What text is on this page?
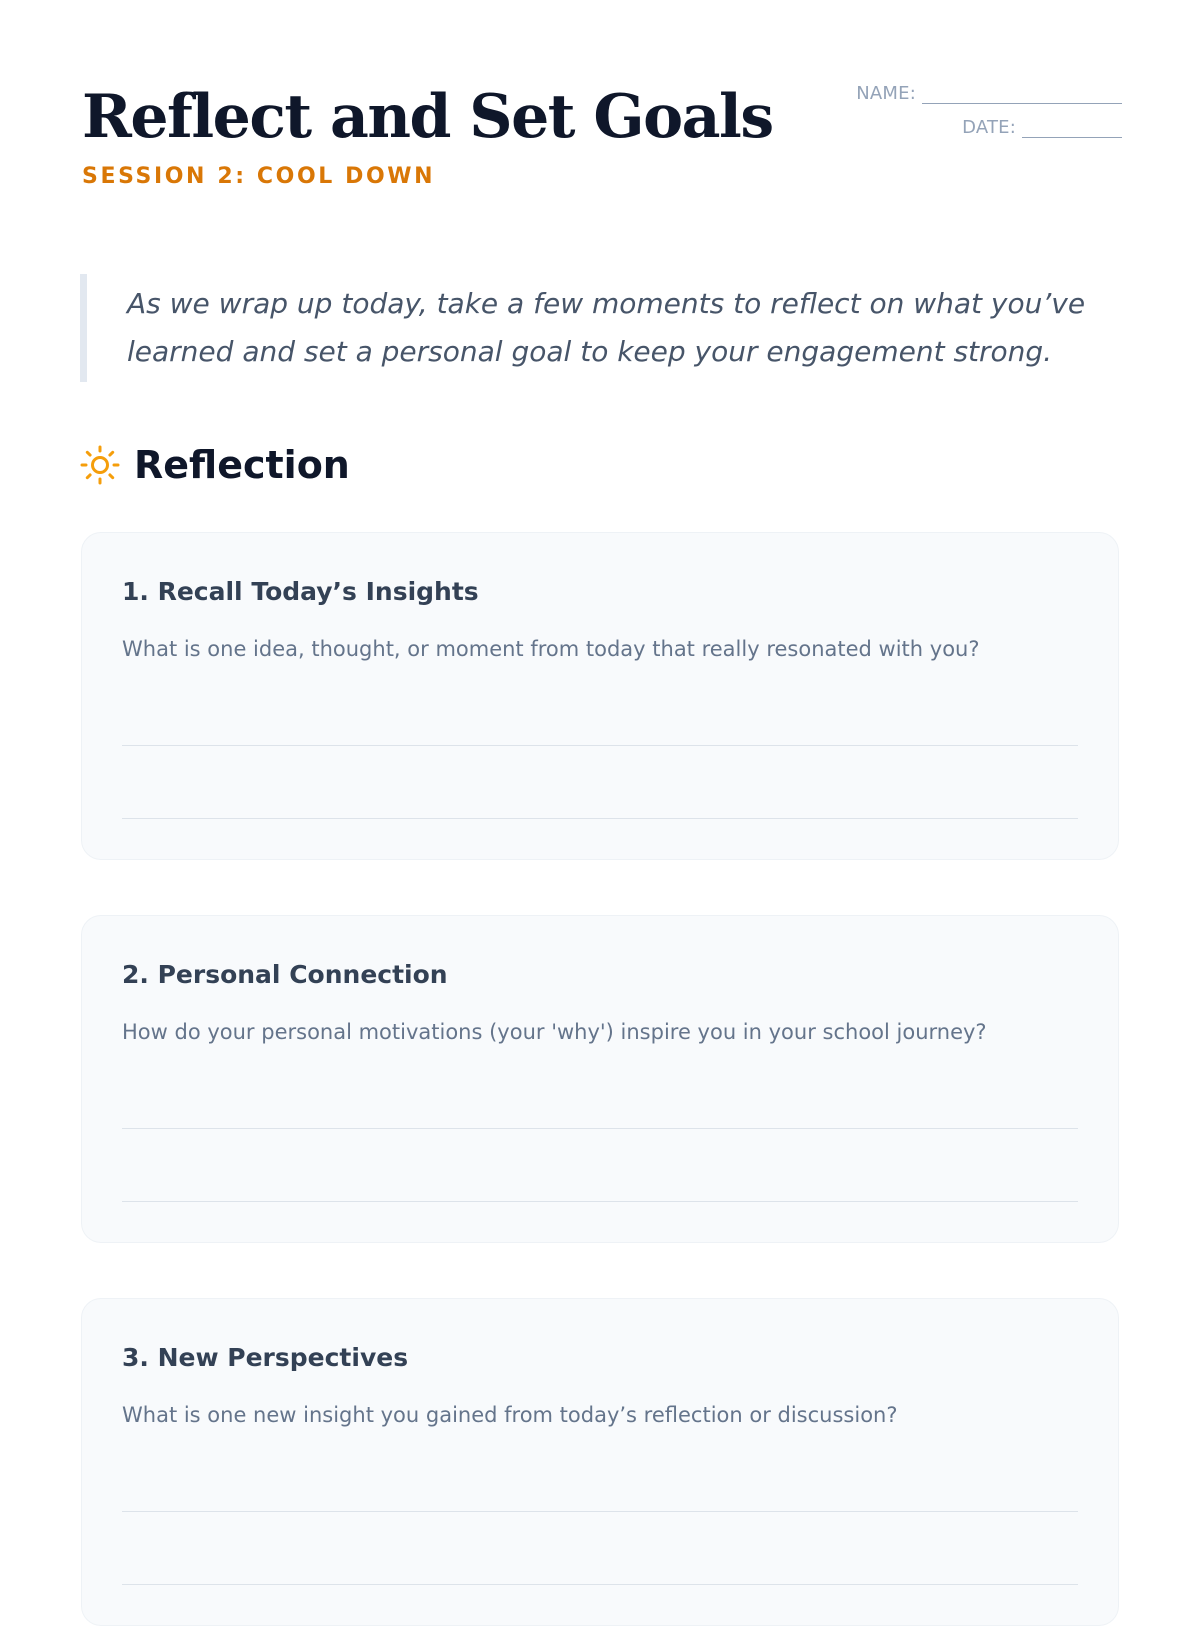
Reflect and Set Goals
SESSION 2: COOL DOWN
NAME:
DATE:
As we wrap up today, take a few moments to reflect on what you’ve learned and set a personal goal to keep your engagement strong.
Reflection
1. Recall Today’s Insights
What is one idea, thought, or moment from today that really resonated with you?
2. Personal Connection
How do your personal motivations (your 'why') inspire you in your school journey?
3. New Perspectives
What is one new insight you gained from today’s reflection or discussion?
